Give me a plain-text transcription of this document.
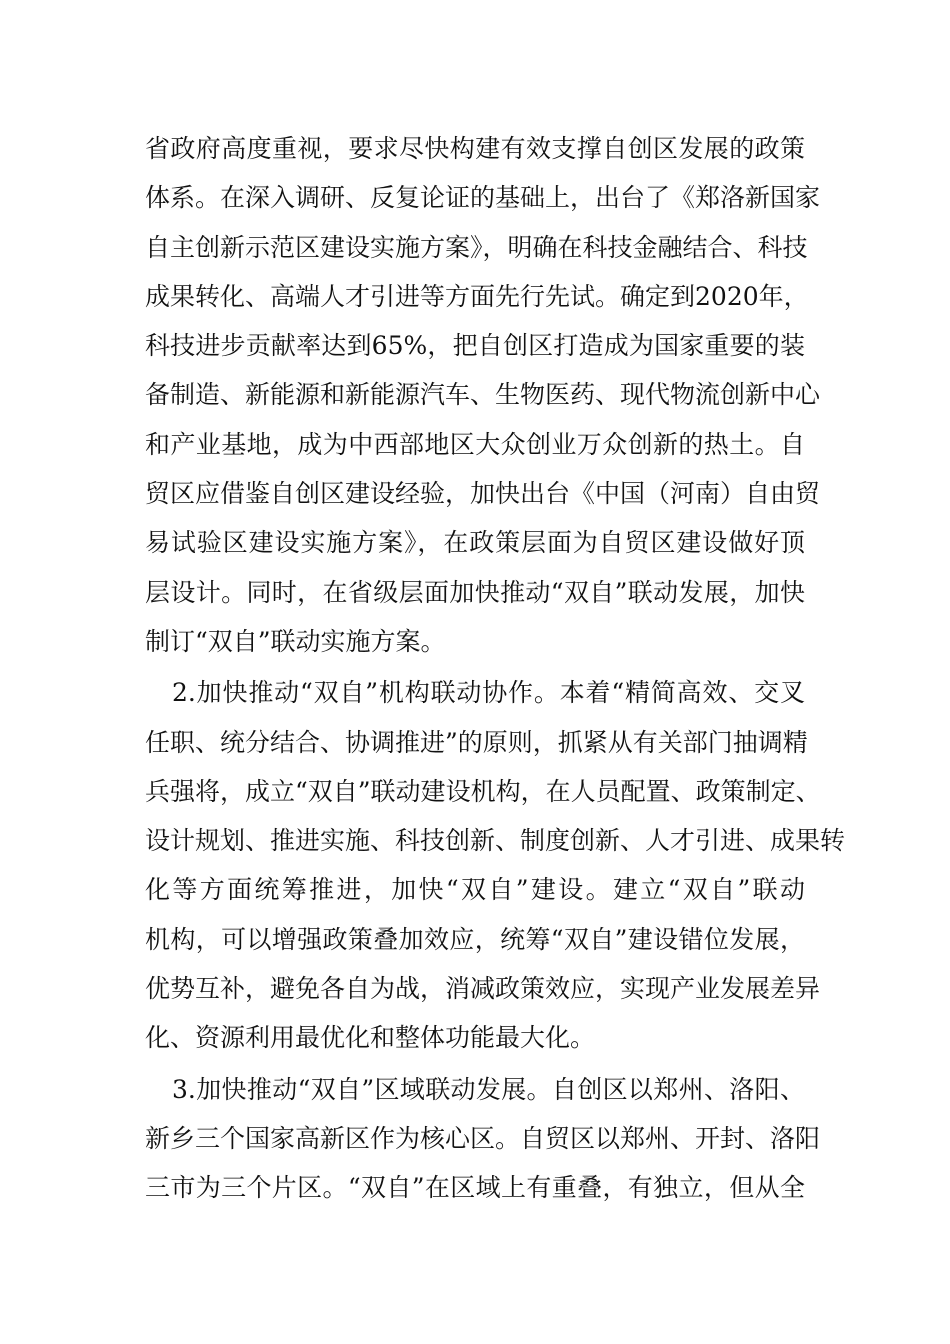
省政府高度重视，要求尽快构建有效支撑自创区发展的政策
体系。在深入调研、反复论证的基础上，出台了《郑洛新国家
自主创新示范区建设实施方案》，明确在科技金融结合、科技
成果转化、高端人才引进等方面先行先试。确定到2020年，
科技进步贡献率达到65%，把自创区打造成为国家重要的装
备制造、新能源和新能源汽车、生物医药、现代物流创新中心
和产业基地，成为中西部地区大众创业万众创新的热土。自
贸区应借鉴自创区建设经验，加快出台《中国（河南）自由贸
易试验区建设实施方案》，在政策层面为自贸区建设做好顶
层设计。同时，在省级层面加快推动“双自”联动发展，加快
制订“双自”联动实施方案。
2.加快推动“双自”机构联动协作。本着“精简高效、交叉
任职、统分结合、协调推进”的原则，抓紧从有关部门抽调精
兵强将，成立“双自”联动建设机构，在人员配置、政策制定、
设计规划、推进实施、科技创新、制度创新、人才引进、成果转
化等方面统筹推进，加快“双自”建设。建立“双自”联动
机构，可以增强政策叠加效应，统筹“双自”建设错位发展，
优势互补，避免各自为战，消减政策效应，实现产业发展差异
化、资源利用最优化和整体功能最大化。
3.加快推动“双自”区域联动发展。自创区以郑州、洛阳、
新乡三个国家高新区作为核心区。自贸区以郑州、开封、洛阳
三市为三个片区。“双自”在区域上有重叠，有独立，但从全
